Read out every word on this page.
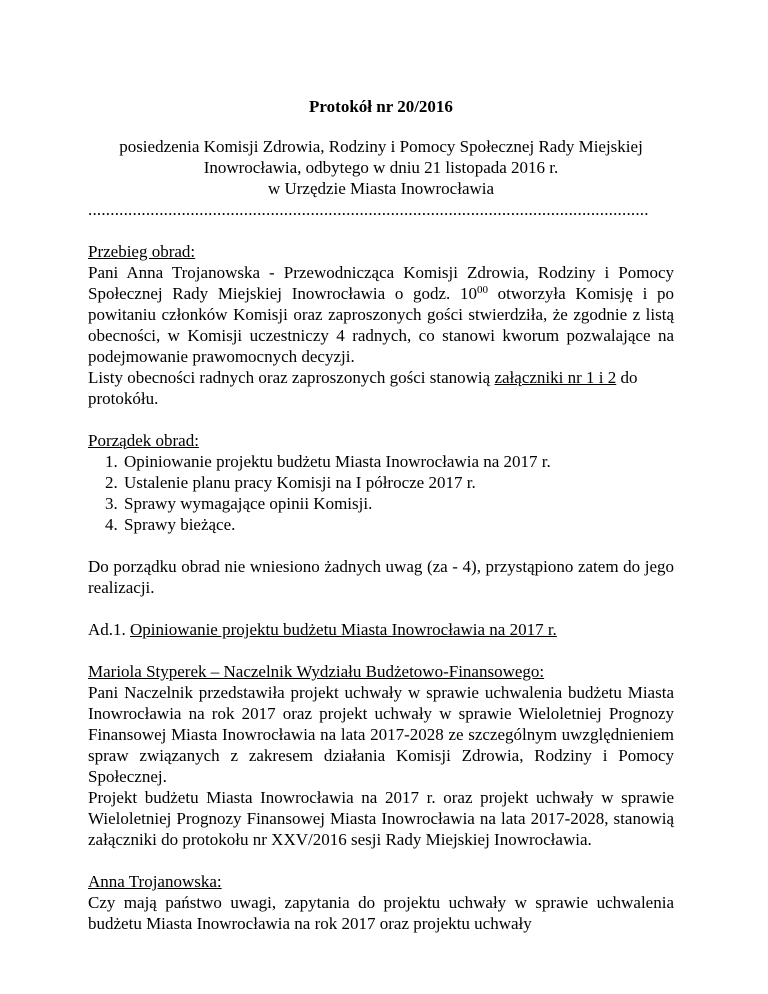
Protokół nr 20/2016

posiedzenia Komisji Zdrowia, Rodziny i Pomocy Społecznej Rady Miejskiej

Inowrocławia, odbytego w dniu 21 listopada 2016 r.

w Urzędzie Miasta Inowrocławia

..............................................................................................................................

Przebieg obrad:

Pani Anna Trojanowska - Przewodnicząca Komisji Zdrowia, Rodziny i Pomocy Społecznej Rady Miejskiej Inowrocławia o godz. $10^{00}$ otworzyła Komisję i po powitaniu członków Komisji oraz zaproszonych gości stwierdziła, że zgodnie z listą obecności, w Komisji uczestniczy 4 radnych, co stanowi kworum pozwalające na podejmowanie prawomocnych decyzji.

Listy obecności radnych oraz zaproszonych gości stanowią załączniki nr 1 i 2 do protokółu.

Porządek obrad:

1. Opiniowanie projektu budżetu Miasta Inowrocławia na 2017 r.
2. Ustalenie planu pracy Komisji na I półrocze 2017 r.
3. Sprawy wymagające opinii Komisji.
4. Sprawy bieżące.

Do porządku obrad nie wniesiono żadnych uwag (za - 4), przystąpiono zatem do jego realizacji.

Ad.1. Opiniowanie projektu budżetu Miasta Inowrocławia na 2017 r.

Mariola Styperek – Naczelnik Wydziału Budżetowo-Finansowego:

Pani Naczelnik przedstawiła projekt uchwały w sprawie uchwalenia budżetu Miasta Inowrocławia na rok 2017 oraz projekt uchwały w sprawie Wieloletniej Prognozy Finansowej Miasta Inowrocławia na lata 2017-2028 ze szczególnym uwzględnieniem spraw związanych z zakresem działania Komisji Zdrowia, Rodziny i Pomocy Społecznej.

Projekt budżetu Miasta Inowrocławia na 2017 r. oraz projekt uchwały w sprawie Wieloletniej Prognozy Finansowej Miasta Inowrocławia na lata 2017-2028, stanowią załączniki do protokołu nr XXV/2016 sesji Rady Miejskiej Inowrocławia.

Anna Trojanowska:

Czy mają państwo uwagi, zapytania do projektu uchwały w sprawie uchwalenia budżetu Miasta Inowrocławia na rok 2017 oraz projektu uchwały
